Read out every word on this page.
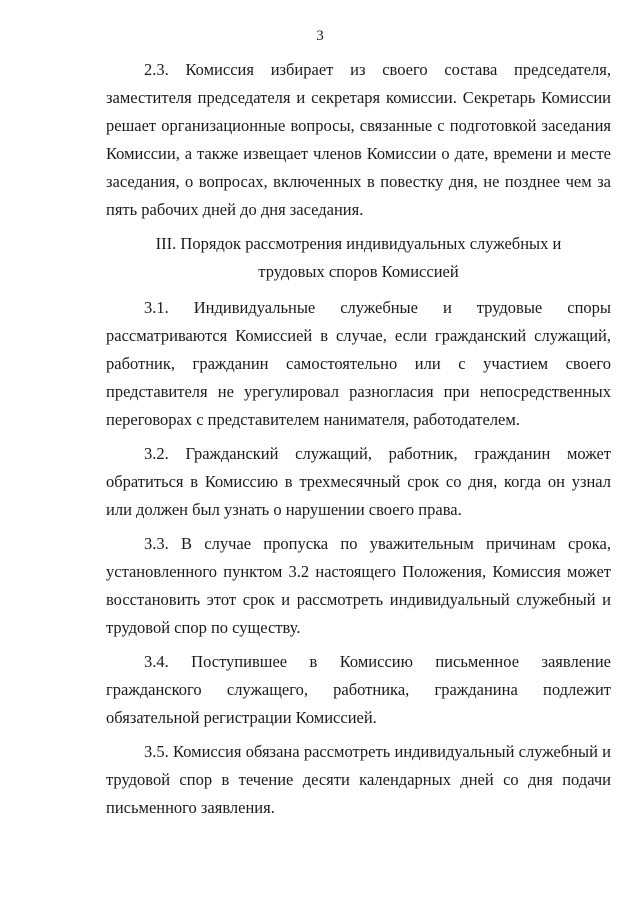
3

2.3. Комиссия избирает из своего состава председателя, заместителя председателя и секретаря комиссии. Секретарь Комиссии решает организационные вопросы, связанные с подготовкой заседания Комиссии, а также извещает членов Комиссии о дате, времени и месте заседания, о вопросах, включенных в повестку дня, не позднее чем за пять рабочих дней до дня заседания.

III. Порядок рассмотрения индивидуальных служебных и
трудовых споров Комиссией

3.1. Индивидуальные служебные и трудовые споры рассматриваются Комиссией в случае, если гражданский служащий, работник, гражданин самостоятельно или с участием своего представителя не урегулировал разногласия при непосредственных переговорах с представителем нанимателя, работодателем.

3.2. Гражданский служащий, работник, гражданин может обратиться в Комиссию в трехмесячный срок со дня, когда он узнал или должен был узнать о нарушении своего права.

3.3. В случае пропуска по уважительным причинам срока, установленного пунктом 3.2 настоящего Положения, Комиссия может восстановить этот срок и рассмотреть индивидуальный служебный и трудовой спор по существу.

3.4. Поступившее в Комиссию письменное заявление гражданского служащего, работника, гражданина подлежит обязательной регистрации Комиссией.

3.5. Комиссия обязана рассмотреть индивидуальный служебный и трудовой спор в течение десяти календарных дней со дня подачи письменного заявления.
